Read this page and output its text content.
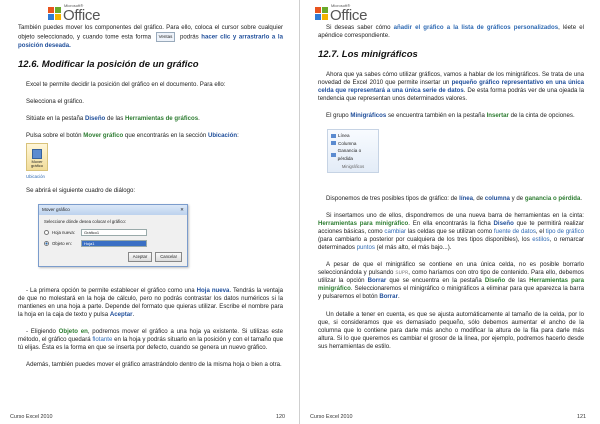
Microsoft®
Office

También puedes mover los componentes del gráfico. Para ello, coloca el cursor sobre cualquier objeto seleccionado, y cuando tome esta forma Ventas podrás hacer clic y arrastrarlo a la posición deseada.

12.6. Modificar la posición de un gráfico

Excel te permite decidir la posición del gráfico en el documento. Para ello:

Selecciona el gráfico.

Sitúate en la pestaña Diseño de las Herramientas de gráficos.

Pulsa sobre el botón Mover gráfico que encontrarás en la sección Ubicación:

Mover gráfico
Ubicación

Se abrirá el siguiente cuadro de diálogo:

Mover gráfico	✕
Seleccione dónde desea colocar el gráfico:
Hoja nueva:	Gráfico1
Objeto en:	Hoja1
Aceptar	Cancelar

- La primera opción te permite establecer el gráfico como una Hoja nueva. Tendrás la ventaja de que no molestará en la hoja de cálculo, pero no podrás contrastar los datos numéricos si la mantienes en una hoja a parte. Depende del formato que quieras utilizar. Escribe el nombre para la hoja en la caja de texto y pulsa Aceptar.

- Eligiendo Objeto en, podremos mover el gráfico a una hoja ya existente. Si utilizas este método, el gráfico quedará flotante en la hoja y podrás situarlo en la posición y con el tamaño que tú elijas. Ésta es la forma en que se inserta por defecto, cuando se genera un nuevo gráfico.

Además, también puedes mover el gráfico arrastrándolo dentro de la misma hoja o bien a otra.

Curso Excel 2010	120
Microsoft®
Office

Si deseas saber cómo añadir el gráfico a la lista de gráficos personalizados, léete el apéndice correspondiente.

12.7. Los minigráficos

Ahora que ya sabes cómo utilizar gráficos, vamos a hablar de los minigráficos. Se trata de una novedad de Excel 2010 que permite insertar un pequeño gráfico representativo en una única celda que representará a una única serie de datos. De esta forma podrás ver de una ojeada la tendencia que representan unos determinados valores.

El grupo Minigráficos se encuentra también en la pestaña Insertar de la cinta de opciones.

Línea
Columna
Ganancia o pérdida
Minigráficos

Disponemos de tres posibles tipos de gráfico: de línea, de columna y de ganancia o pérdida.

Si insertamos uno de ellos, dispondremos de una nueva barra de herramientas en la cinta: Herramientas para minigráfico. En ella encontrarás la ficha Diseño que te permitirá realizar acciones básicas, como cambiar las celdas que se utilizan como fuente de datos, el tipo de gráfico (para cambiarlo a posterior por cualquiera de los tres tipos disponibles), los estilos, o remarcar determinados puntos (el más alto, el más bajo...).

A pesar de que el minigráfico se contiene en una única celda, no es posible borrarlo seleccionándola y pulsando SUPR, como haríamos con otro tipo de contenido. Para ello, debemos utilizar la opción Borrar que se encuentra en la pestaña Diseño de las Herramientas para minigráfico. Seleccionaremos el minigráfico o minigráficos a eliminar para que aparezca la barra y pulsaremos el botón Borrar.

Un detalle a tener en cuenta, es que se ajusta automáticamente al tamaño de la celda, por lo que, si consideramos que es demasiado pequeño, sólo debemos aumentar el ancho de la columna que lo contiene para darle más ancho o modificar la altura de la fila para darle más altura. Si lo que queremos es cambiar el grosor de la línea, por ejemplo, podremos hacerlo desde sus herramientas de estilo.

Curso Excel 2010	121
